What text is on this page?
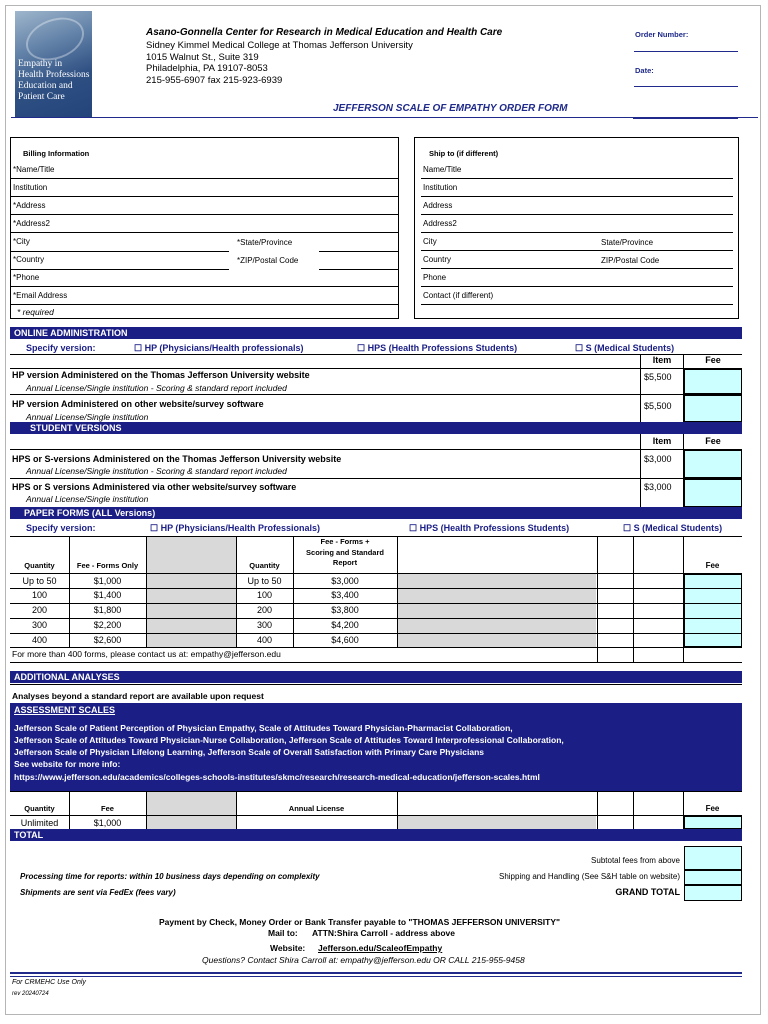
Empathy in
Health Professions
Education and
Patient Care
Asano-Gonnella Center for Research in Medical Education and Health Care
Sidney Kimmel Medical College at Thomas Jefferson University
1015 Walnut St., Suite 319
Philadelphia, PA 19107-8053
215-955-6907 fax 215-923-6939
Order Number:
Date:
JEFFERSON SCALE OF EMPATHY ORDER FORM
Billing Information
*Name/Title
Institution
*Address
*Address2
*City	*State/Province
*Country	*ZIP/Postal Code
*Phone
*Email Address
* required
Ship to (if different)
Name/Title
Institution
Address
Address2
City	State/Province
Country	ZIP/Postal Code
Phone
Contact (if different)
ONLINE ADMINISTRATION
Specify version:	☐ HP (Physicians/Health professionals)	☐ HPS (Health Professions Students)	☐ S (Medical Students)
Item	Fee
HP version Administered on the Thomas Jefferson University website
Annual License/Single institution - Scoring & standard report included
$5,500
HP version Administered on other website/survey software
Annual License/Single institution
$5,500
STUDENT VERSIONS
Item	Fee
HPS or S-versions Administered on the Thomas Jefferson University website
Annual License/Single institution - Scoring & standard report included
$3,000
HPS or S versions Administered via other website/survey software
Annual License/Single institution
$3,000
PAPER FORMS (ALL Versions)
Specify version:	☐ HP (Physicians/Health Professionals)	☐ HPS (Health Professions Students)	☐ S (Medical Students)
Quantity	Fee - Forms Only	Quantity
Fee - Forms +
Scoring and Standard
Report	Fee
Up to 50	$1,000	Up to 50	$3,000
100	$1,400	100	$3,400
200	$1,800	200	$3,800
300	$2,200	300	$4,200
400	$2,600	400	$4,600
For more than 400 forms, please contact us at: empathy@jefferson.edu
ADDITIONAL ANALYSES
Analyses beyond a standard report are available upon request
ASSESSMENT SCALES
Jefferson Scale of Patient Perception of Physician Empathy, Scale of Attitudes Toward Physician-Pharmacist Collaboration,
Jefferson Scale of Attitudes Toward Physician-Nurse Collaboration, Jefferson Scale of Attitudes Toward Interprofessional Collaboration,
Jefferson Scale of Physician Lifelong Learning, Jefferson Scale of Overall Satisfaction with Primary Care Physicians
See website for more info:
https://www.jefferson.edu/academics/colleges-schools-institutes/skmc/research/research-medical-education/jefferson-scales.html
Quantity	Fee	Annual License	Fee
Unlimited	$1,000
TOTAL
Subtotal fees from above
Processing time for reports: within 10 business days depending on complexity	Shipping and Handling (See S&H table on website)
Shipments are sent via FedEx (fees vary)	GRAND TOTAL
Payment by Check, Money Order or Bank Transfer payable to "THOMAS JEFFERSON UNIVERSITY"
Mail to: ATTN:Shira Carroll - address above
Website: Jefferson.edu/ScaleofEmpathy
Questions? Contact Shira Carroll at: empathy@jefferson.edu OR CALL 215-955-9458
For CRMEHC Use Only
rev 20240724
